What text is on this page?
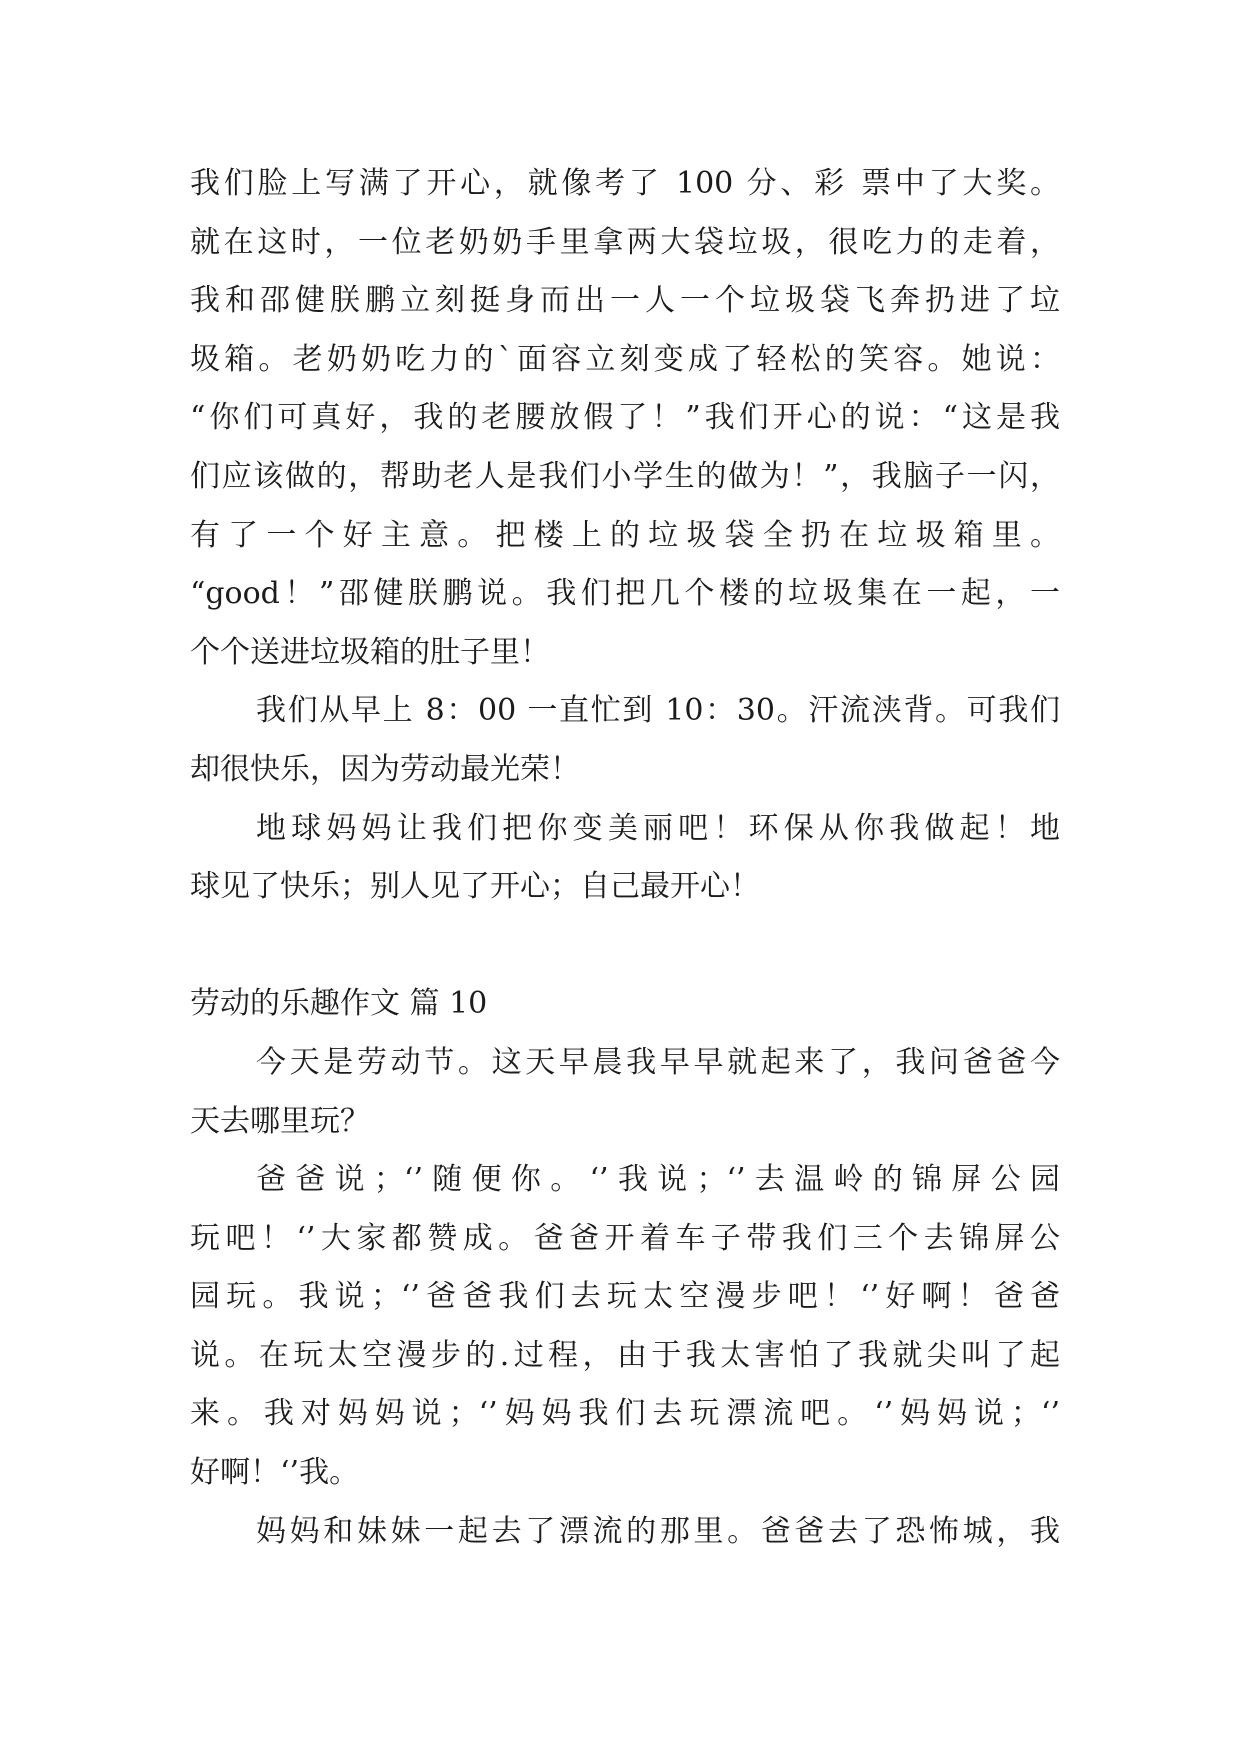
我们脸上写满了开心，就像考了 100 分、彩 票中了大奖。
就在这时，一位老奶奶手里拿两大袋垃圾，很吃力的走着，
我和邵健朕鹏立刻挺身而出一人一个垃圾袋飞奔扔进了垃
圾箱。老奶奶吃力的`面容立刻变成了轻松的笑容。她说：
“你们可真好，我的老腰放假了！”我们开心的说：“这是我
们应该做的，帮助老人是我们小学生的做为！”，我脑子一闪，
有了一个好主意。把楼上的垃圾袋全扔在垃圾箱里。
“good！”邵健朕鹏说。我们把几个楼的垃圾集在一起，一
个个送进垃圾箱的肚子里！
我们从早上 8：00 一直忙到 10：30。汗流浃背。可我们
却很快乐，因为劳动最光荣！
地球妈妈让我们把你变美丽吧！环保从你我做起！地
球见了快乐；别人见了开心；自己最开心！
劳动的乐趣作文 篇 10
今天是劳动节。这天早晨我早早就起来了，我问爸爸今
天去哪里玩？
爸爸说；‘’随便你。‘’我说；‘’去温岭的锦屏公园
玩吧！‘’大家都赞成。爸爸开着车子带我们三个去锦屏公
园玩。我说；‘’爸爸我们去玩太空漫步吧！‘’好啊！爸爸
说。在玩太空漫步的.过程，由于我太害怕了我就尖叫了起
来。我对妈妈说；‘’妈妈我们去玩漂流吧。‘’妈妈说；‘’
好啊！‘’我。
妈妈和妹妹一起去了漂流的那里。爸爸去了恐怖城，我
